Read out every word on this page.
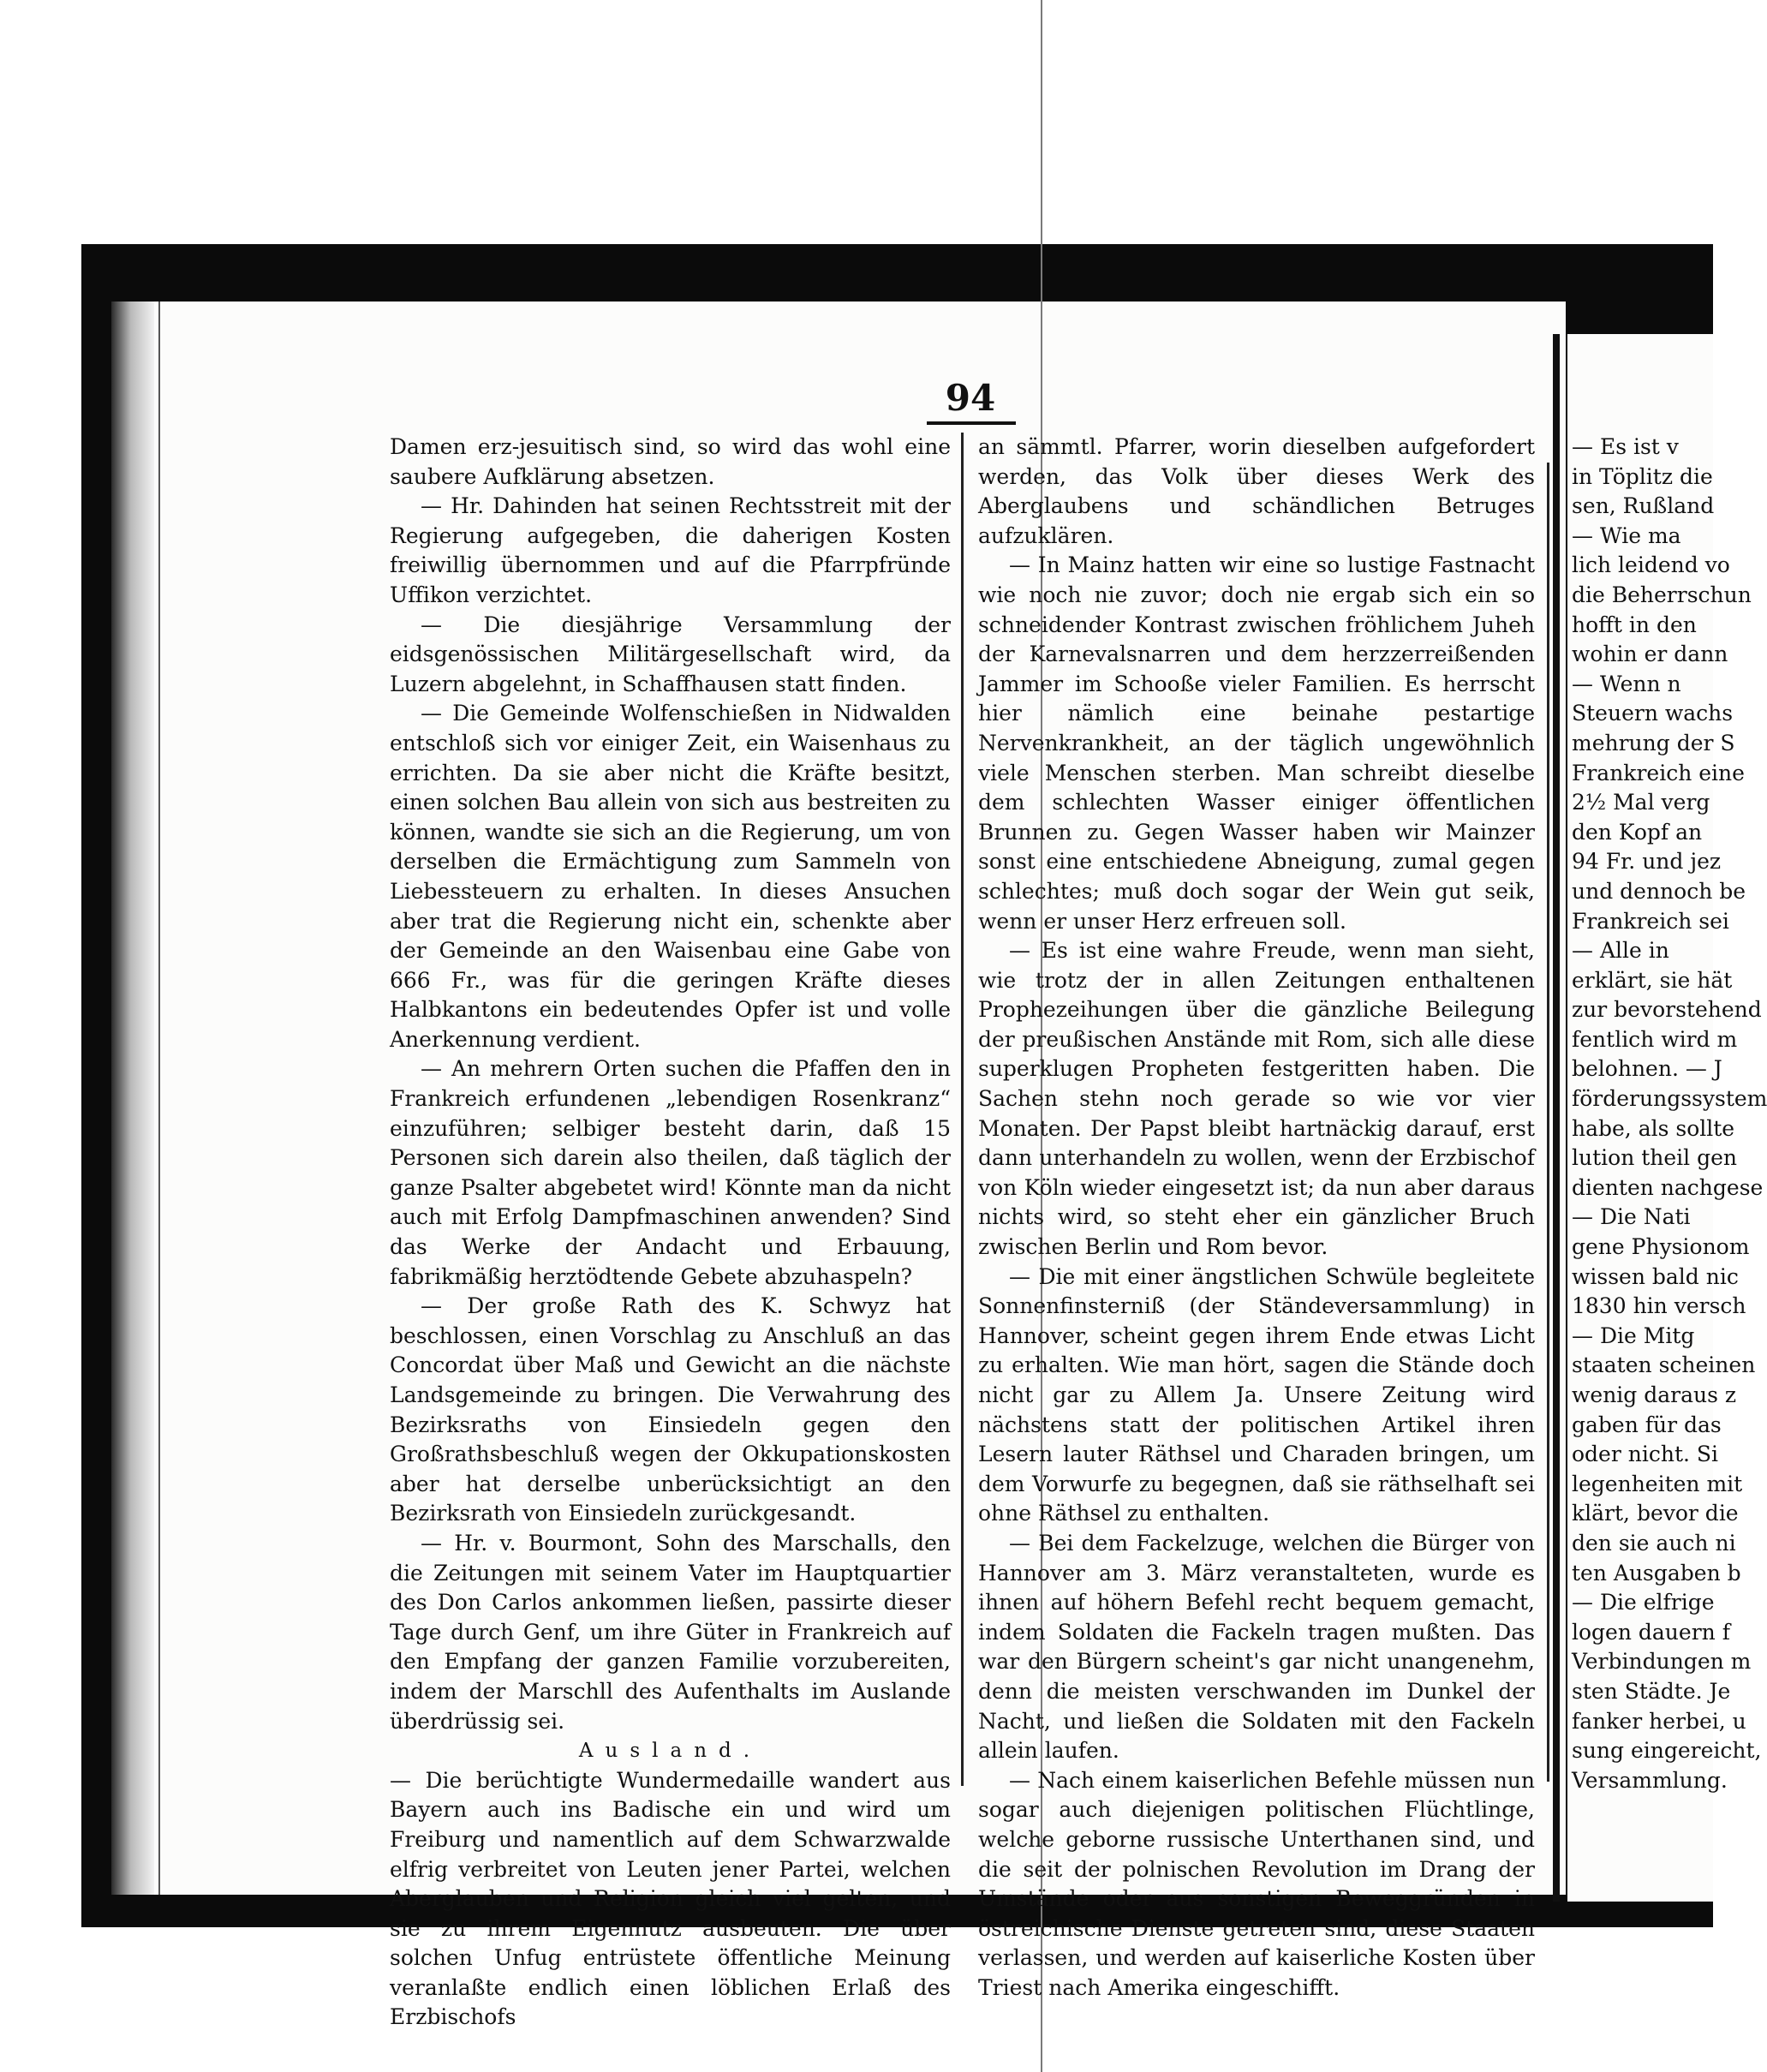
94

Damen erz-jesuitisch sind, so wird das wohl eine saubere Aufklärung absetzen.

— Hr. Dahinden hat seinen Rechtsstreit mit der Regierung aufgegeben, die daherigen Kosten freiwillig übernommen und auf die Pfarrpfründe Uffikon verzichtet.

— Die diesjährige Versammlung der eidsgenössischen Militärgesellschaft wird, da Luzern abgelehnt, in Schaffhausen statt finden.

— Die Gemeinde Wolfenschießen in Nidwalden entschloß sich vor einiger Zeit, ein Waisenhaus zu errichten. Da sie aber nicht die Kräfte besitzt, einen solchen Bau allein von sich aus bestreiten zu können, wandte sie sich an die Regierung, um von derselben die Ermächtigung zum Sammeln von Liebessteuern zu erhalten. In dieses Ansuchen aber trat die Regierung nicht ein, schenkte aber der Gemeinde an den Waisenbau eine Gabe von 666 Fr., was für die geringen Kräfte dieses Halbkantons ein bedeutendes Opfer ist und volle Anerkennung verdient.

— An mehrern Orten suchen die Pfaffen den in Frankreich erfundenen „lebendigen Rosenkranz“ einzuführen; selbiger besteht darin, daß 15 Personen sich darein also theilen, daß täglich der ganze Psalter abgebetet wird! Könnte man da nicht auch mit Erfolg Dampfmaschinen anwenden? Sind das Werke der Andacht und Erbauung, fabrikmäßig herztödtende Gebete abzuhaspeln?

— Der große Rath des K. Schwyz hat beschlossen, einen Vorschlag zu Anschluß an das Concordat über Maß und Gewicht an die nächste Landsgemeinde zu bringen. Die Verwahrung des Bezirksraths von Einsiedeln gegen den Großrathsbeschluß wegen der Okkupationskosten aber hat derselbe unberücksichtigt an den Bezirksrath von Einsiedeln zurückgesandt.

— Hr. v. Bourmont, Sohn des Marschalls, den die Zeitungen mit seinem Vater im Hauptquartier des Don Carlos ankommen ließen, passirte dieser Tage durch Genf, um ihre Güter in Frankreich auf den Empfang der ganzen Familie vorzubereiten, indem der Marschll des Aufenthalts im Auslande überdrüssig sei.

Ausland.

— Die berüchtigte Wundermedaille wandert aus Bayern auch ins Badische ein und wird um Freiburg und namentlich auf dem Schwarzwalde elfrig verbreitet von Leuten jener Partei, welchen Aberglauben und Religion gleich viel gelten, und sie zu ihrem Eigennutz ausbeuten. Die über solchen Unfug entrüstete öffentliche Meinung veranlaßte endlich einen löblichen Erlaß des Erzbischofs

an sämmtl. Pfarrer, worin dieselben aufgefordert werden, das Volk über dieses Werk des Aberglaubens und schändlichen Betruges aufzuklären.

— In Mainz hatten wir eine so lustige Fastnacht wie noch nie zuvor; doch nie ergab sich ein so schneidender Kontrast zwischen fröhlichem Juheh der Karnevalsnarren und dem herzzerreißenden Jammer im Schooße vieler Familien. Es herrscht hier nämlich eine beinahe pestartige Nervenkrankheit, an der täglich ungewöhnlich viele Menschen sterben. Man schreibt dieselbe dem schlechten Wasser einiger öffentlichen Brunnen zu. Gegen Wasser haben wir Mainzer sonst eine entschiedene Abneigung, zumal gegen schlechtes; muß doch sogar der Wein gut seik, wenn er unser Herz erfreuen soll.

— Es ist eine wahre Freude, wenn man sieht, wie trotz der in allen Zeitungen enthaltenen Prophezeihungen über die gänzliche Beilegung der preußischen Anstände mit Rom, sich alle diese superklugen Propheten festgeritten haben. Die Sachen stehn noch gerade so wie vor vier Monaten. Der Papst bleibt hartnäckig darauf, erst dann unterhandeln zu wollen, wenn der Erzbischof von Köln wieder eingesetzt ist; da nun aber daraus nichts wird, so steht eher ein gänzlicher Bruch zwischen Berlin und Rom bevor.

— Die mit einer ängstlichen Schwüle begleitete Sonnenfinsterniß (der Ständeversammlung) in Hannover, scheint gegen ihrem Ende etwas Licht zu erhalten. Wie man hört, sagen die Stände doch nicht gar zu Allem Ja. Unsere Zeitung wird nächstens statt der politischen Artikel ihren Lesern lauter Räthsel und Charaden bringen, um dem Vorwurfe zu begegnen, daß sie räthselhaft sei ohne Räthsel zu enthalten.

— Bei dem Fackelzuge, welchen die Bürger von Hannover am 3. März veranstalteten, wurde es ihnen auf höhern Befehl recht bequem gemacht, indem Soldaten die Fackeln tragen mußten. Das war den Bürgern scheint's gar nicht unangenehm, denn die meisten verschwanden im Dunkel der Nacht, und ließen die Soldaten mit den Fackeln allein laufen.

— Nach einem kaiserlichen Befehle müssen nun sogar auch diejenigen politischen Flüchtlinge, welche geborne russische Unterthanen sind, und die seit der polnischen Revolution im Drang der Umstände oder aus sonstigen Beweggründen in östreichische Dienste getreten sind, diese Staaten verlassen, und werden auf kaiserliche Kosten über Triest nach Amerika eingeschifft.

— Es ist v
in Töplitz die
sen, Rußland
— Wie ma
lich leidend vo
die Beherrschun
hofft in den
wohin er dann
— Wenn n
Steuern wachs
mehrung der S
Frankreich eine
2½ Mal verg
den Kopf an
94 Fr. und jez
und dennoch be
Frankreich sei
— Alle in
erklärt, sie hät
zur bevorstehend
fentlich wird m
belohnen. — J
förderungssystem
habe, als sollte
lution theil gen
dienten nachgese
— Die Nati
gene Physionom
wissen bald nic
1830 hin versch
— Die Mitg
staaten scheinen
wenig daraus z
gaben für das
oder nicht. Si
legenheiten mit
klärt, bevor die
den sie auch ni
ten Ausgaben b
— Die elfrige
logen dauern f
Verbindungen m
sten Städte. Je
fanker herbei, u
sung eingereicht,
Versammlung.
